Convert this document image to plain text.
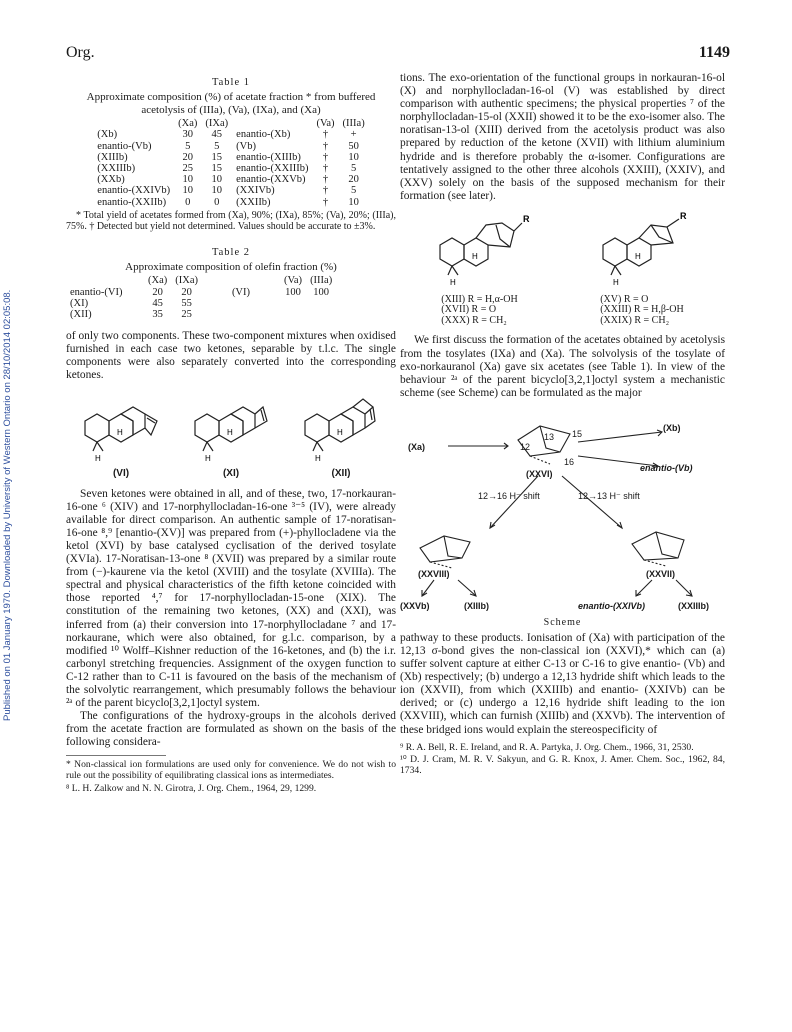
Org.	1149
Published on 01 January 1970. Downloaded by University of Western Ontario on 28/10/2014 02:05:08.
Table 1
Approximate composition (%) of acetate fraction * from buffered acetolysis of (IIIa), (Va), (IXa), and (Xa)
	(Xa)	(IXa)		(Va)	(IIIa)
(Xb)	30	45	enantio-(Xb)	†	+
enantio-(Vb)	5	5	(Vb)	†	50
(XIIIb)	20	15	enantio-(XIIIb)	†	10
(XXIIIb)	25	15	enantio-(XXIIIb)	†	5
(XXb)	10	10	enantio-(XXVb)	†	20
enantio-(XXIVb)	10	10	(XXIVb)	†	5
enantio-(XXIIb)	0	0	(XXIIb)	†	10
* Total yield of acetates formed from (Xa), 90%; (IXa), 85%; (Va), 20%; (IIIa), 75%. † Detected but yield not determined. Values should be accurate to ±3%.
Table 2
Approximate composition of olefin fraction (%)
	(Xa)	(IXa)		(Va)	(IIIa)
enantio-(VI)	20	20	(VI)	100	100
(XI)	45	55			
(XII)	35	25			

of only two components. These two-component mixtures when oxidised furnished in each case two ketones, separable by t.l.c. The single components were also separately converted into the corresponding ketones.

H
H
(VI)
H
H
(XI)
H
H
(XII)

Seven ketones were obtained in all, and of these, two, 17-norkauran-16-one ⁶ (XIV) and 17-norphyllocladan-16-one ³⁻⁵ (IV), were already available for direct comparison. An authentic sample of 17-noratisan-16-one ⁸,⁹ [enantio-(XV)] was prepared from (+)-phyllocladene via the ketol (XVI) by base catalysed cyclisation of the derived tosylate (XVIa). 17-Noratisan-13-one ⁸ (XVII) was prepared by a similar route from (−)-kaurene via the ketol (XVIII) and the tosylate (XVIIIa). The spectral and physical characteristics of the fifth ketone coincided with those reported ⁴,⁷ for 17-norphyllocladan-15-one (XIX). The constitution of the remaining two ketones, (XX) and (XXI), was inferred from (a) their conversion into 17-norphyllocladane ⁷ and 17-norkaurane, which were also obtained, for g.l.c. comparison, by a modified ¹⁰ Wolff–Kishner reduction of the 16-ketones, and (b) the i.r. carbonyl stretching frequencies. Assignment of the oxygen function to C-12 rather than to C-11 is favoured on the basis of the mechanism of the solvolytic rearrangement, which presumably follows the behaviour ²ᵃ of the parent bicyclo[3,2,1]octyl system.

The configurations of the hydroxy-groups in the alcohols derived from the acetate fraction are formulated as shown on the basis of the following considera-

* Non-classical ion formulations are used only for convenience. We do not wish to rule out the possibility of equilibrating classical ions as intermediates.
⁸ L. H. Zalkow and N. N. Girotra, J. Org. Chem., 1964, 29, 1299.

tions. The exo-orientation of the functional groups in norkauran-16-ol (X) and norphyllocladan-16-ol (V) was established by direct comparison with authentic specimens; the physical properties ⁷ of the norphyllocladan-15-ol (XXII) showed it to be the exo-isomer also. The noratisan-13-ol (XIII) derived from the acetolysis product was also prepared by reduction of the ketone (XVII) with lithium aluminium hydride and is therefore probably the α-isomer. Configurations are tentatively assigned to the other three alcohols (XXIII), (XXIV), and (XXV) solely on the basis of the supposed mechanism for their formation (see later).

R
H
H
R
H
H
(XIII) R = H,α-OH
(XVII) R = O
(XXX) R = CH₂
(XV) R = O
(XXIII) R = H,β-OH
(XXIX) R = CH₂

We first discuss the formation of the acetates obtained by acetolysis from the tosylates (IXa) and (Xa). The solvolysis of the tosylate of exo-norkauranol (Xa) gave six acetates (see Table 1). In view of the behaviour ²ᵃ of the parent bicyclo[3,2,1]octyl system a mechanistic scheme (see Scheme) can be formulated as the major

(Xa)
(Xb)
enantio-(Vb)
(XXVI)
12
13 15
16
12→16 H⁻ shift	12→13 H⁻ shift
(XXVIII)	(XXVII)
(XXVb)	(XIIIb)	enantio-(XXIVb)	(XXIIIb)
Scheme

pathway to these products. Ionisation of (Xa) with participation of the 12,13 σ-bond gives the non-classical ion (XXVI),* which can (a) suffer solvent capture at either C-13 or C-16 to give enantio- (Vb) and (Xb) respectively; (b) undergo a 12,13 hydride shift which leads to the ion (XXVII), from which (XXIIIb) and enantio- (XXIVb) can be derived; or (c) undergo a 12,16 hydride shift leading to the ion (XXVIII), which can furnish (XIIIb) and (XXVb). The intervention of these bridged ions would explain the stereospecificity of

⁹ R. A. Bell, R. E. Ireland, and R. A. Partyka, J. Org. Chem., 1966, 31, 2530.
¹⁰ D. J. Cram, M. R. V. Sakyun, and G. R. Knox, J. Amer. Chem. Soc., 1962, 84, 1734.
